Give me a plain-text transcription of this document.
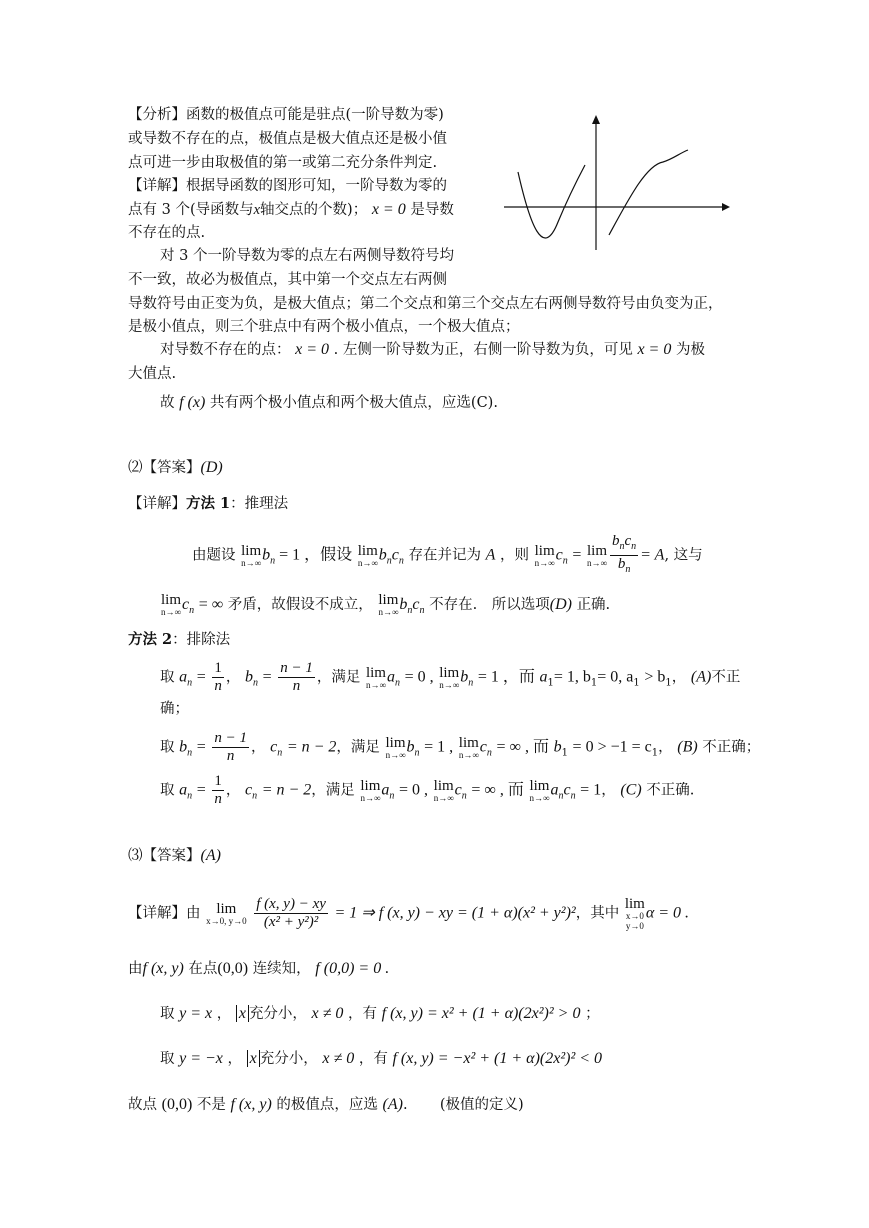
【分析】函数的极值点可能是驻点(一阶导数为零)
或导数不存在的点，极值点是极大值点还是极小值
点可进一步由取极值的第一或第二充分条件判定.
【详解】根据导函数的图形可知，一阶导数为零的
点有 3 个(导函数与x轴交点的个数)； x = 0 是导数
不存在的点.
对 3 个一阶导数为零的点左右两侧导数符号均
不一致，故必为极值点，其中第一个交点左右两侧
导数符号由正变为负，是极大值点；第二个交点和第三个交点左右两侧导数符号由负变为正，
是极小值点，则三个驻点中有两个极小值点，一个极大值点；
对导数不存在的点： x = 0 . 左侧一阶导数为正，右侧一阶导数为负，可见 x = 0 为极
大值点.
故 f (x) 共有两个极小值点和两个极大值点，应选(C).
⑵【答案】(D)
【详解】方法 1：推理法
由题设 lim
n→∞ $b_n = 1$ ，假设 lim
n→∞ $b_nc_n$ 存在并记为 A ，则 lim
n→∞ $c_n = \lim$
$n\to\infty \frac{b_nc_n}{b_n} = A$, 这与
lim
n→∞ $c_n$ = ∞ 矛盾，故假设不成立， lim
n→∞ $b_nc_n$ 不存在.　所以选项(D) 正确.
方法 2：排除法
取 $a_n = \frac{1}{n}$ ， $b_n = \frac{n - 1}{n}$ ，满足 lim
n→∞ $a_n = 0$ , lim
n→∞ $b_n = 1$ ，而 $a_1= 1$, $b_1= 0$, $a_1 > b_1$， (A)不正
确；
取 $b_n = \frac{n - 1}{n}$ ， $c_n = n - 2$，满足 lim
n→∞ $b_n = 1$ , lim
n→∞ $c_n$ = ∞ , 而 $b_1 = 0 > -1 = c_1$， (B) 不正确；
取 $a_n = \frac{1}{n}$ ， $c_n = n - 2$，满足 lim
n→∞ $a_n = 0$ , lim
n→∞ $c_n$ = ∞ , 而 lim
n→∞ $a_nc_n = 1$， (C) 不正确.
⑶【答案】(A)
【详解】由	lim
x→0, y→0
$\frac{f (x, y) - xy}{\text{(x² + y²)²}} = 1$ ⇒ f (x, y) − xy = (1 + α)(x² + y²)²，其中
lim
x→0
y→0
α = 0 .
由f (x, y) 在点(0,0) 连续知， f (0,0) = 0 .
取 y = x ， x 充分小， x ≠ 0 ，有 f (x, y) = x² + (1 + α)(2x²)² > 0 ；
取 y = −x ， x 充分小， x ≠ 0 ，有 f (x, y) = −x² + (1 + α)(2x²)² < 0
故点 (0,0) 不是 f (x, y) 的极值点，应选 (A). (极值的定义)
